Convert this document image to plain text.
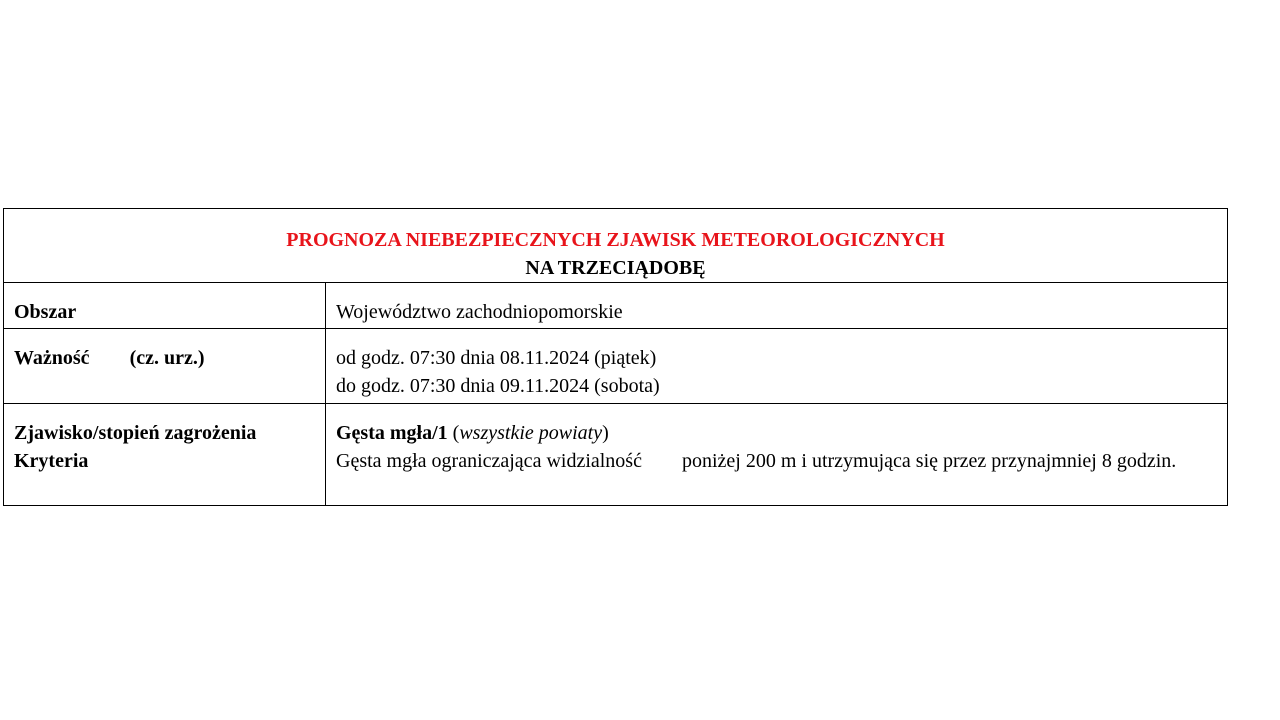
PROGNOZA NIEBEZPIECZNYCH ZJAWISK METEOROLOGICZNYCH
NA TRZECIĄDOBĘ
Obszar	Województwo zachodniopomorskie
Ważność (cz. urz.)	od godz. 07:30 dnia 08.11.2024 (piątek)
do godz. 07:30 dnia 09.11.2024 (sobota)
Zjawisko/stopień zagrożenia
Kryteria
Gęsta mgła/1 (wszystkie powiaty)
Gęsta mgła ograniczająca widzialność poniżej 200 m i utrzymująca się przez przynajmniej 8 godzin.
